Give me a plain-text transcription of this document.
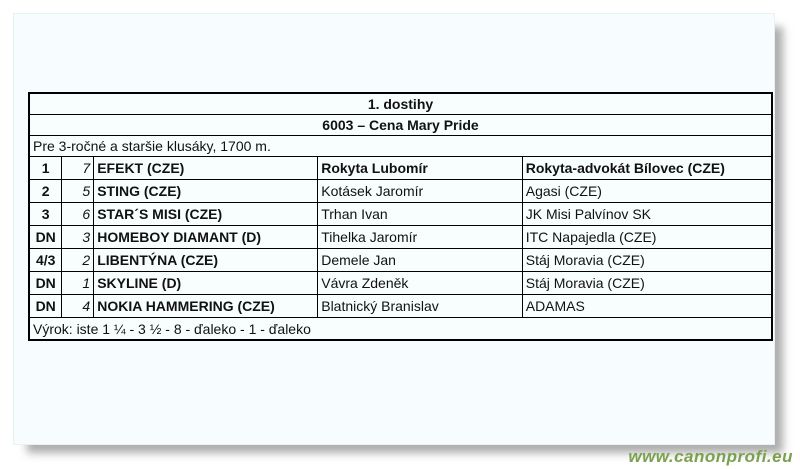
1. dostihy				
6003 – Cena Mary Pride				
Pre 3-ročné a staršie klusáky, 1700 m.				
1	7	EFEKT (CZE)	Rokyta Lubomír	Rokyta-advokát Bílovec (CZE)
2	5	STING (CZE)	Kotásek Jaromír	Agasi (CZE)
3	6	STAR´S MISI (CZE)	Trhan Ivan	JK Misi Palvínov SK
DN	3	HOMEBOY DIAMANT (D)	Tihelka Jaromír	ITC Napajedla (CZE)
4/3	2	LIBENTÝNA (CZE)	Demele Jan	Stáj Moravia (CZE)
DN	1	SKYLINE (D)	Vávra Zdeněk	Stáj Moravia (CZE)
DN	4	NOKIA HAMMERING (CZE)	Blatnický Branislav	ADAMAS
Výrok: iste 1 ¼ - 3 ½ - 8 - ďaleko - 1 - ďaleko				
www.canonprofi.eu
